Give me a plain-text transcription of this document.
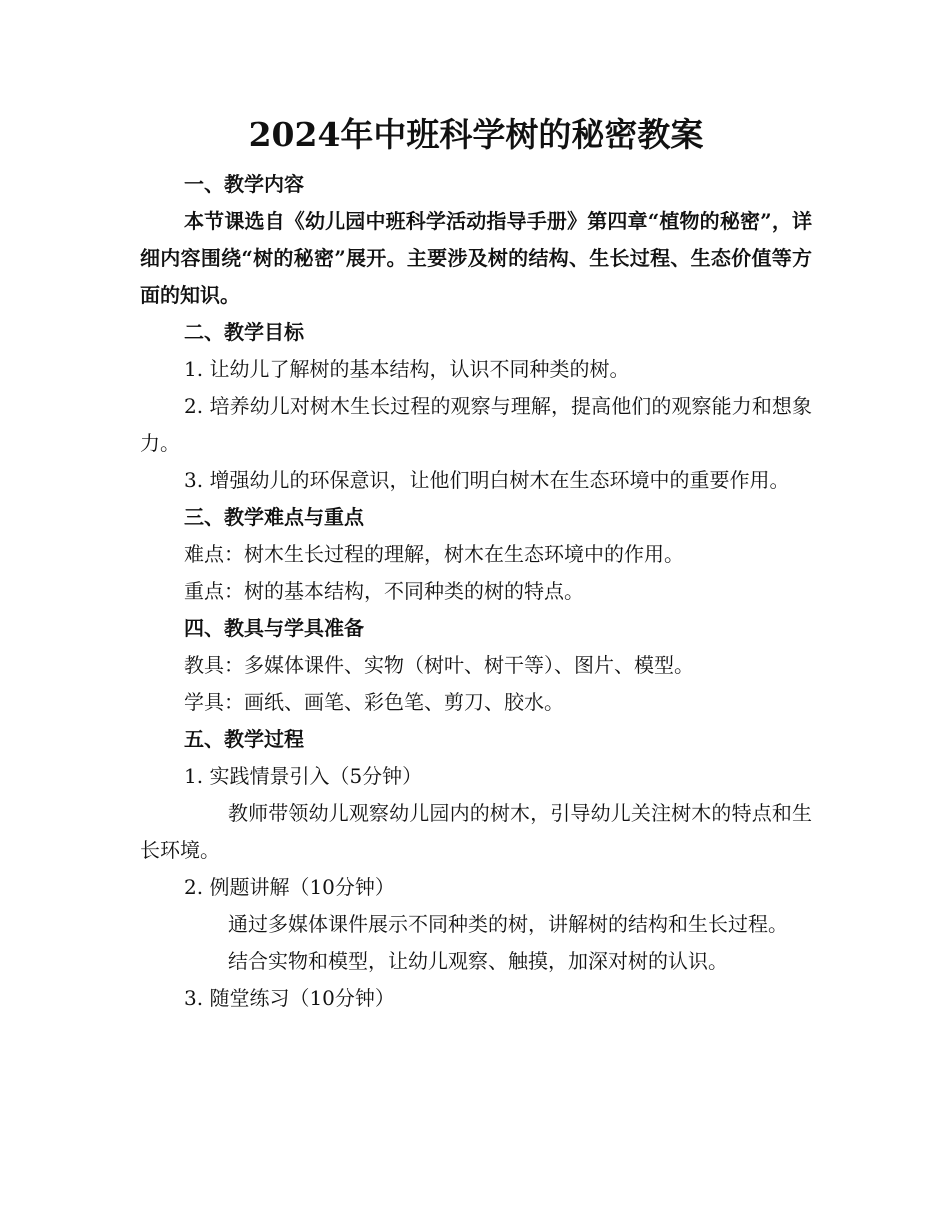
2024年中班科学树的秘密教案

一、教学内容

本节课选自《幼儿园中班科学活动指导手册》第四章“植物的秘密”，详细内容围绕“树的秘密”展开。主要涉及树的结构、生长过程、生态价值等方面的知识。

二、教学目标

1. 让幼儿了解树的基本结构，认识不同种类的树。

2. 培养幼儿对树木生长过程的观察与理解，提高他们的观察能力和想象力。

3. 增强幼儿的环保意识，让他们明白树木在生态环境中的重要作用。

三、教学难点与重点

难点：树木生长过程的理解，树木在生态环境中的作用。

重点：树的基本结构，不同种类的树的特点。

四、教具与学具准备

教具：多媒体课件、实物（树叶、树干等）、图片、模型。

学具：画纸、画笔、彩色笔、剪刀、胶水。

五、教学过程

1. 实践情景引入（5分钟）

教师带领幼儿观察幼儿园内的树木，引导幼儿关注树木的特点和生长环境。

2. 例题讲解（10分钟）

通过多媒体课件展示不同种类的树，讲解树的结构和生长过程。

结合实物和模型，让幼儿观察、触摸，加深对树的认识。

3. 随堂练习（10分钟）
